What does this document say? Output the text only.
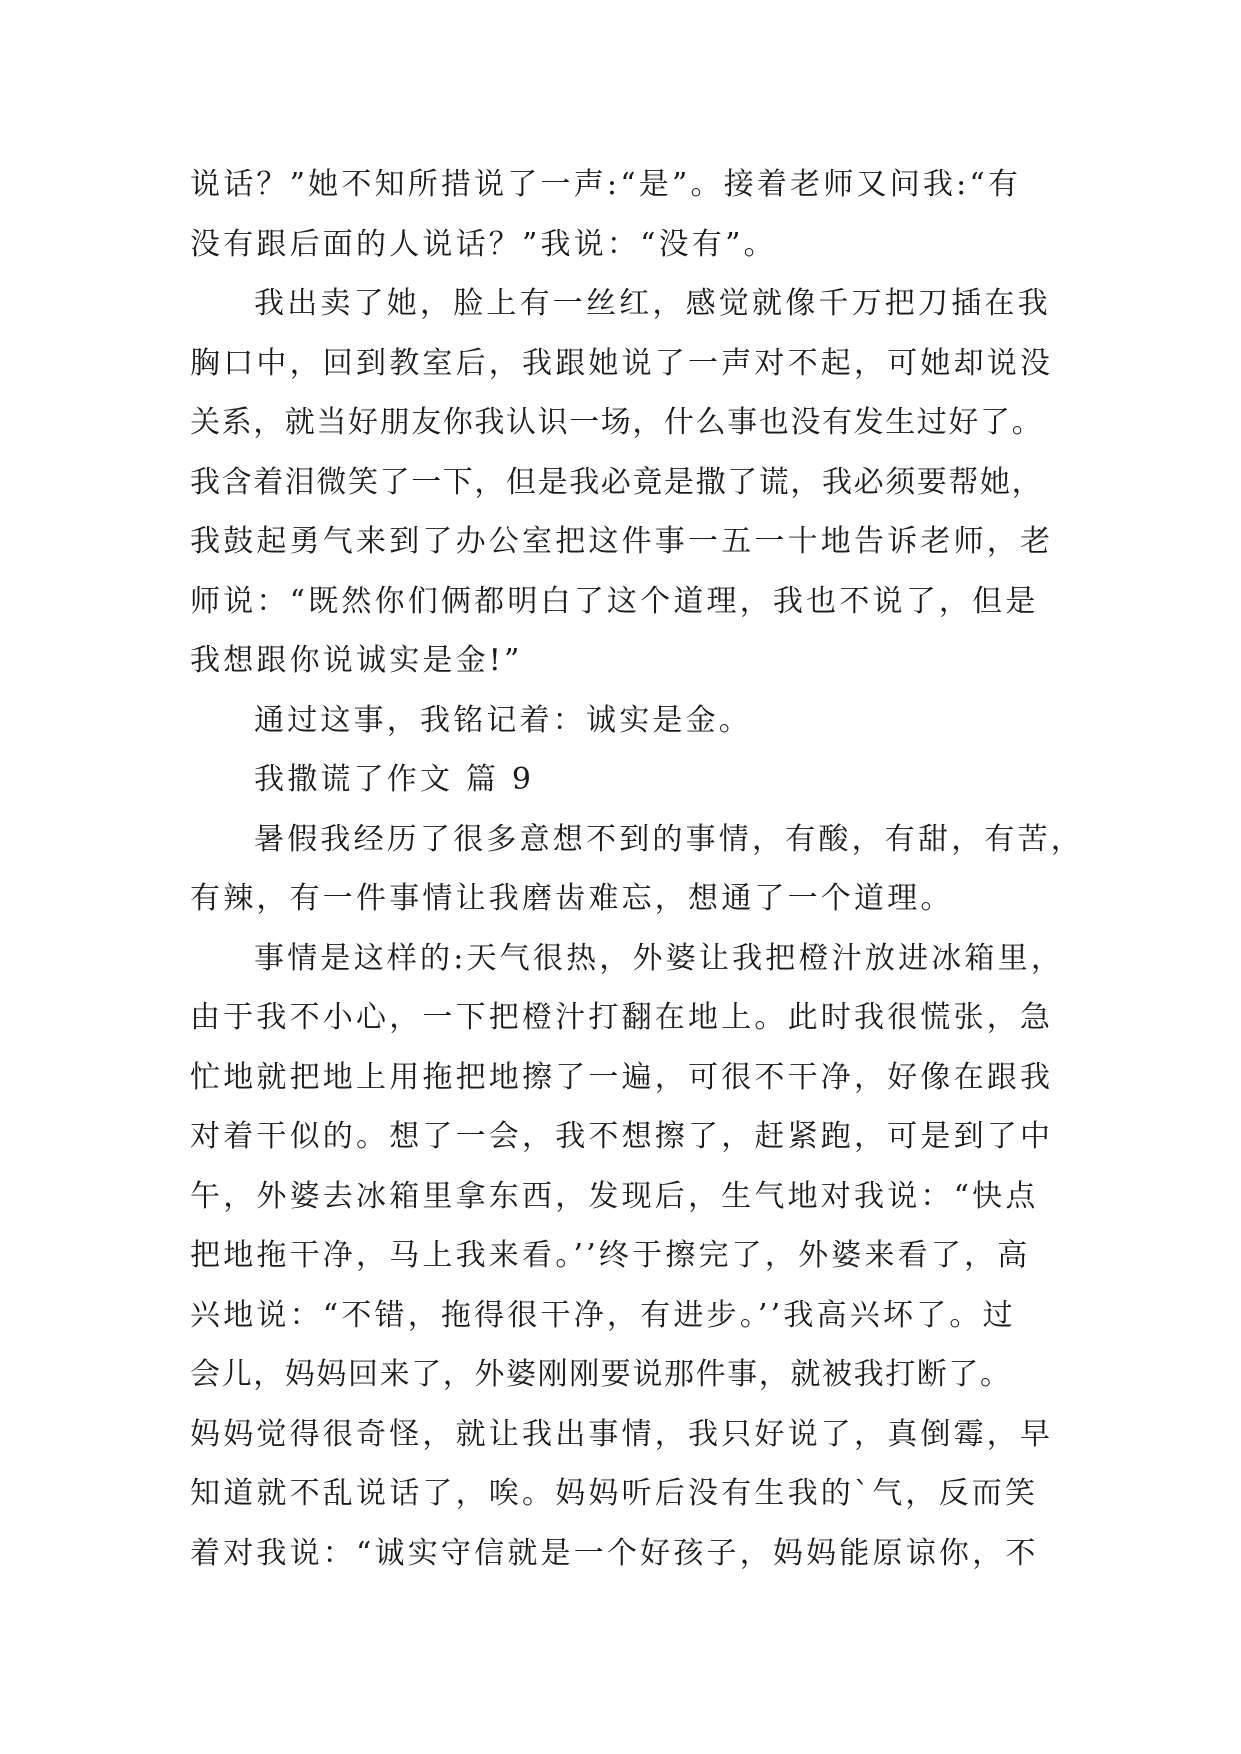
说话？”她不知所措说了一声:“是”。接着老师又问我:“有
没有跟后面的人说话？”我说：“没有”。
我出卖了她，脸上有一丝红，感觉就像千万把刀插在我
胸口中，回到教室后，我跟她说了一声对不起，可她却说没
关系，就当好朋友你我认识一场，什么事也没有发生过好了。
我含着泪微笑了一下，但是我必竟是撒了谎，我必须要帮她，
我鼓起勇气来到了办公室把这件事一五一十地告诉老师，老
师说：“既然你们俩都明白了这个道理，我也不说了，但是
我想跟你说诚实是金!”
通过这事，我铭记着：诚实是金。
我撒谎了作文 篇 9
暑假我经历了很多意想不到的事情，有酸，有甜，有苦，
有辣，有一件事情让我磨齿难忘，想通了一个道理。
事情是这样的:天气很热，外婆让我把橙汁放进冰箱里，
由于我不小心，一下把橙汁打翻在地上。此时我很慌张，急
忙地就把地上用拖把地擦了一遍，可很不干净，好像在跟我
对着干似的。想了一会，我不想擦了，赶紧跑，可是到了中
午，外婆去冰箱里拿东西，发现后，生气地对我说：“快点
把地拖干净，马上我来看。’’终于擦完了，外婆来看了，高
兴地说：“不错，拖得很干净，有进步。’’我高兴坏了。过
会儿，妈妈回来了，外婆刚刚要说那件事，就被我打断了。
妈妈觉得很奇怪，就让我出事情，我只好说了，真倒霉，早
知道就不乱说话了，唉。妈妈听后没有生我的`气，反而笑
着对我说：“诚实守信就是一个好孩子，妈妈能原谅你，不
